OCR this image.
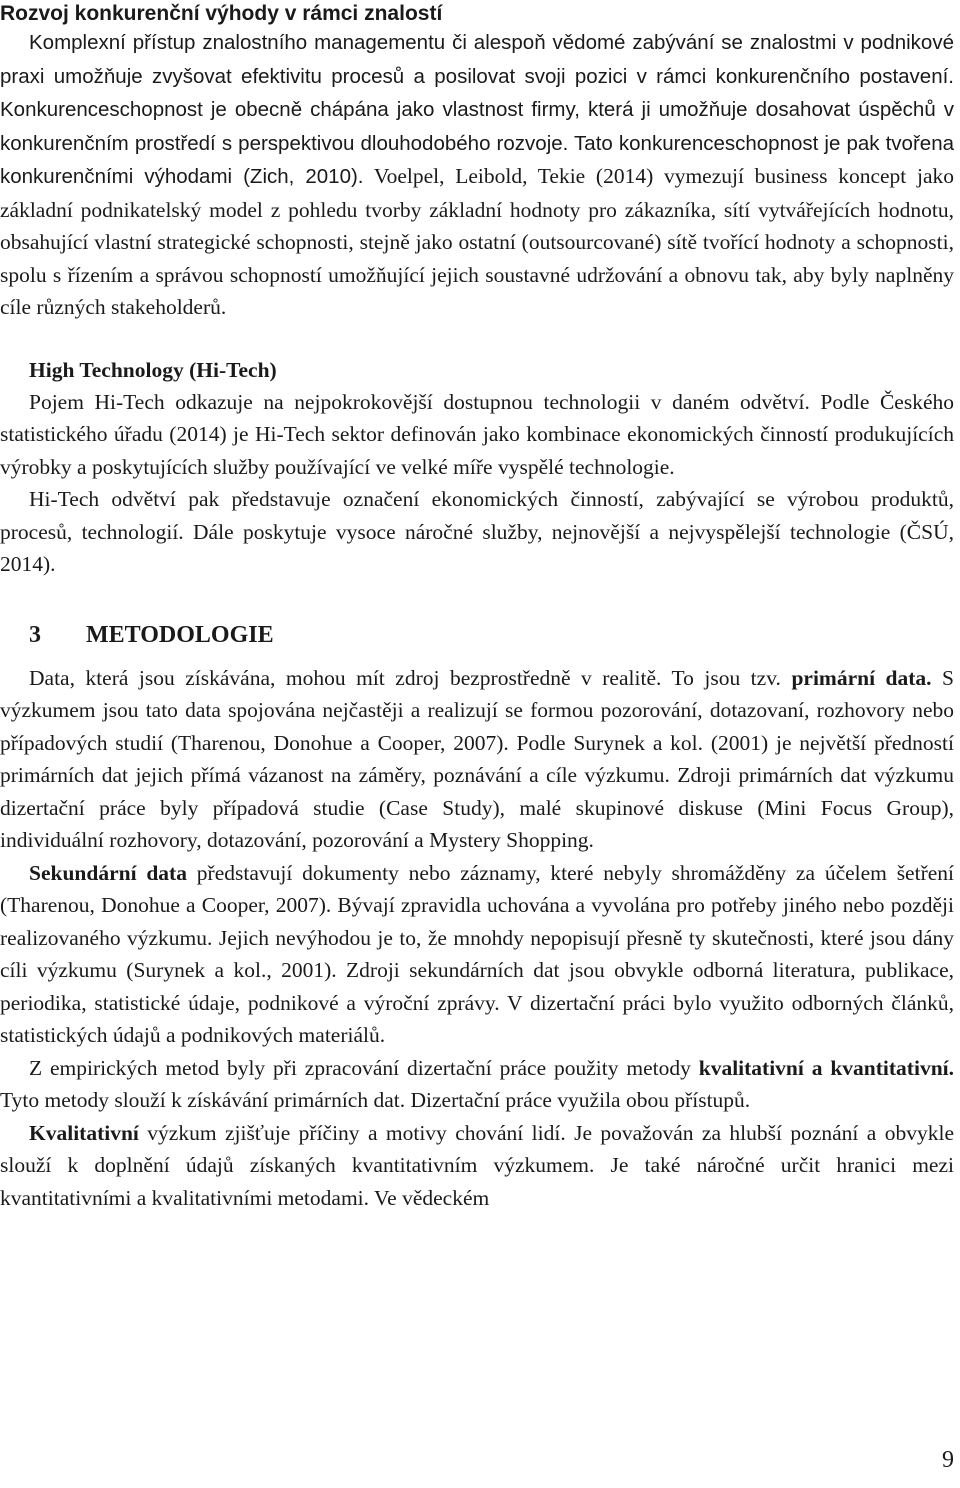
Rozvoj konkurenční výhody v rámci znalostí

Komplexní přístup znalostního managementu či alespoň vědomé zabývání se znalostmi v podnikové praxi umožňuje zvyšovat efektivitu procesů a posilovat svoji pozici v rámci konkurenčního postavení. Konkurenceschopnost je obecně chápána jako vlastnost firmy, která ji umožňuje dosahovat úspěchů v konkurenčním prostředí s perspektivou dlouhodobého rozvoje. Tato konkurenceschopnost je pak tvořena konkurenčními výhodami (Zich, 2010). Voelpel, Leibold, Tekie (2014) vymezují business koncept jako základní podnikatelský model z pohledu tvorby základní hodnoty pro zákazníka, sítí vytvářejících hodnotu, obsahující vlastní strategické schopnosti, stejně jako ostatní (outsourcované) sítě tvořící hodnoty a schopnosti, spolu s řízením a správou schopností umožňující jejich soustavné udržování a obnovu tak, aby byly naplněny cíle různých stakeholderů.

High Technology (Hi-Tech)

Pojem Hi-Tech odkazuje na nejpokrokovější dostupnou technologii v daném odvětví. Podle Českého statistického úřadu (2014) je Hi-Tech sektor definován jako kombinace ekonomických činností produkujících výrobky a poskytujících služby používající ve velké míře vyspělé technologie.

Hi-Tech odvětví pak představuje označení ekonomických činností, zabývající se výrobou produktů, procesů, technologií. Dále poskytuje vysoce náročné služby, nejnovější a nejvyspělejší technologie (ČSÚ, 2014).

3 METODOLOGIE

Data, která jsou získávána, mohou mít zdroj bezprostředně v realitě. To jsou tzv. primární data. S výzkumem jsou tato data spojována nejčastěji a realizují se formou pozorování, dotazovaní, rozhovory nebo případových studií (Tharenou, Donohue a Cooper, 2007). Podle Surynek a kol. (2001) je největší předností primárních dat jejich přímá vázanost na záměry, poznávání a cíle výzkumu. Zdroji primárních dat výzkumu dizertační práce byly případová studie (Case Study), malé skupinové diskuse (Mini Focus Group), individuální rozhovory, dotazování, pozorování a Mystery Shopping.

Sekundární data představují dokumenty nebo záznamy, které nebyly shromážděny za účelem šetření (Tharenou, Donohue a Cooper, 2007). Bývají zpravidla uchována a vyvolána pro potřeby jiného nebo později realizovaného výzkumu. Jejich nevýhodou je to, že mnohdy nepopisují přesně ty skutečnosti, které jsou dány cíli výzkumu (Surynek a kol., 2001). Zdroji sekundárních dat jsou obvykle odborná literatura, publikace, periodika, statistické údaje, podnikové a výroční zprávy. V dizertační práci bylo využito odborných článků, statistických údajů a podnikových materiálů.

Z empirických metod byly při zpracování dizertační práce použity metody kvalitativní a kvantitativní. Tyto metody slouží k získávání primárních dat. Dizertační práce využila obou přístupů.

Kvalitativní výzkum zjišťuje příčiny a motivy chování lidí. Je považován za hlubší poznání a obvykle slouží k doplnění údajů získaných kvantitativním výzkumem. Je také náročné určit hranici mezi kvantitativními a kvalitativními metodami. Ve vědeckém

9
